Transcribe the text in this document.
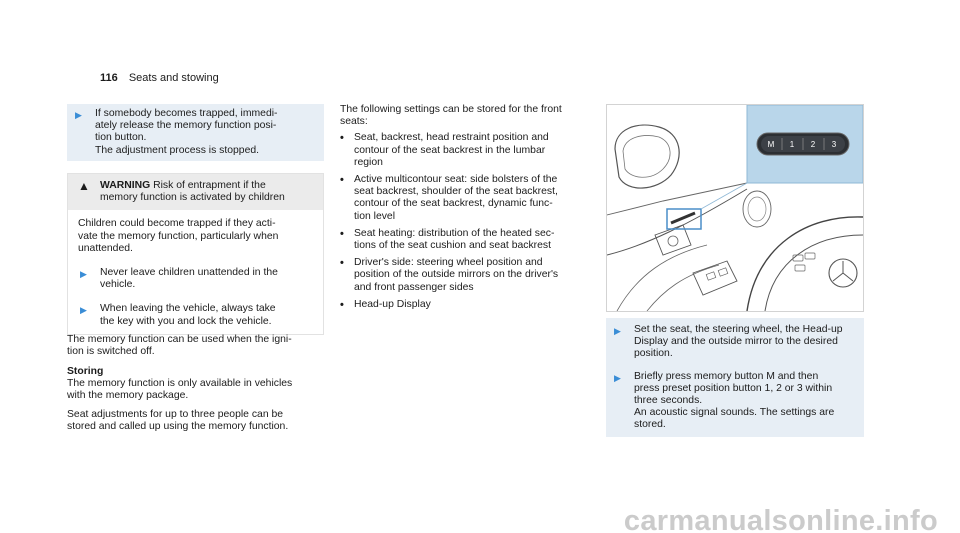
116 Seats and stowing
▶	If somebody becomes trapped, immedi-
ately release the memory function posi-
tion button.
The adjustment process is stopped.
▲ WARNING Risk of entrapment if the
memory function is activated by children
Children could become trapped if they acti-
vate the memory function, particularly when
unattended.
▶	Never leave children unattended in the
vehicle.
▶	When leaving the vehicle, always take
the key with you and lock the vehicle.
The memory function can be used when the igni-
tion is switched off.
Storing
The memory function is only available in vehicles
with the memory package.
Seat adjustments for up to three people can be
stored and called up using the memory function.
The following settings can be stored for the front
seats:
• Seat, backrest, head restraint position and
contour of the seat backrest in the lumbar
region
• Active multicontour seat: side bolsters of the
seat backrest, shoulder of the seat backrest,
contour of the seat backrest, dynamic func-
tion level
• Seat heating: distribution of the heated sec-
tions of the seat cushion and seat backrest
• Driver's side: steering wheel position and
position of the outside mirrors on the driver's
and front passenger sides
• Head-up Display
M 1 2 3
▶	Set the seat, the steering wheel, the Head-up
Display and the outside mirror to the desired
position.
▶	Briefly press memory button M and then
press preset position button 1, 2 or 3 within
three seconds.
An acoustic signal sounds. The settings are
stored.
carmanualsonline.info
